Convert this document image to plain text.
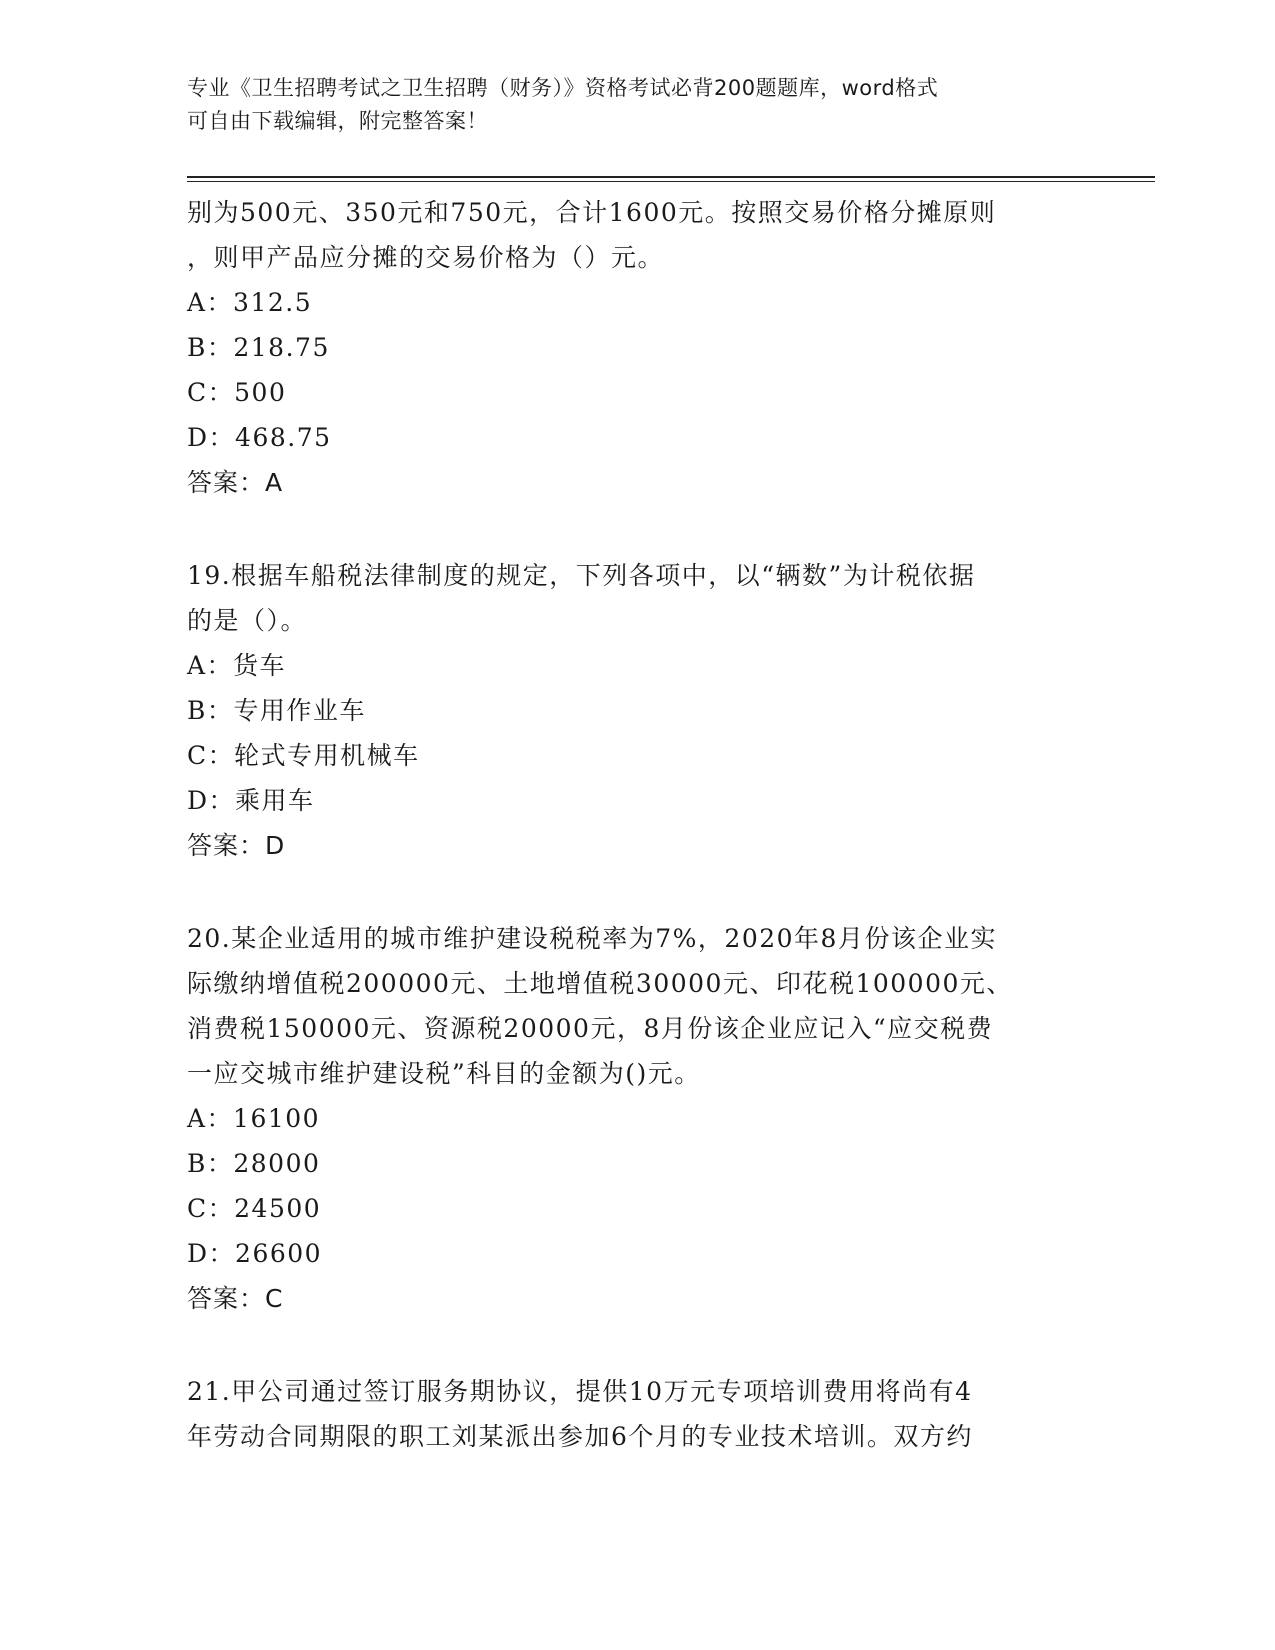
专业《卫生招聘考试之卫生招聘（财务）》资格考试必背200题题库，word格式
可自由下载编辑，附完整答案！
别为500元、350元和750元，合计1600元。按照交易价格分摊原则
，则甲产品应分摊的交易价格为（）元。
A：312.5
B：218.75
C：500
D：468.75
答案：A
19.根据车船税法律制度的规定，下列各项中，以“辆数”为计税依据
的是（）。
A：货车
B：专用作业车
C：轮式专用机械车
D：乘用车
答案：D
20.某企业适用的城市维护建设税税率为7%，2020年8月份该企业实
际缴纳增值税200000元、土地增值税30000元、印花税100000元、
消费税150000元、资源税20000元，8月份该企业应记入“应交税费
一应交城市维护建设税”科目的金额为()元。
A：16100
B：28000
C：24500
D：26600
答案：C
21.甲公司通过签订服务期协议，提供10万元专项培训费用将尚有4
年劳动合同期限的职工刘某派出参加6个月的专业技术培训。双方约
